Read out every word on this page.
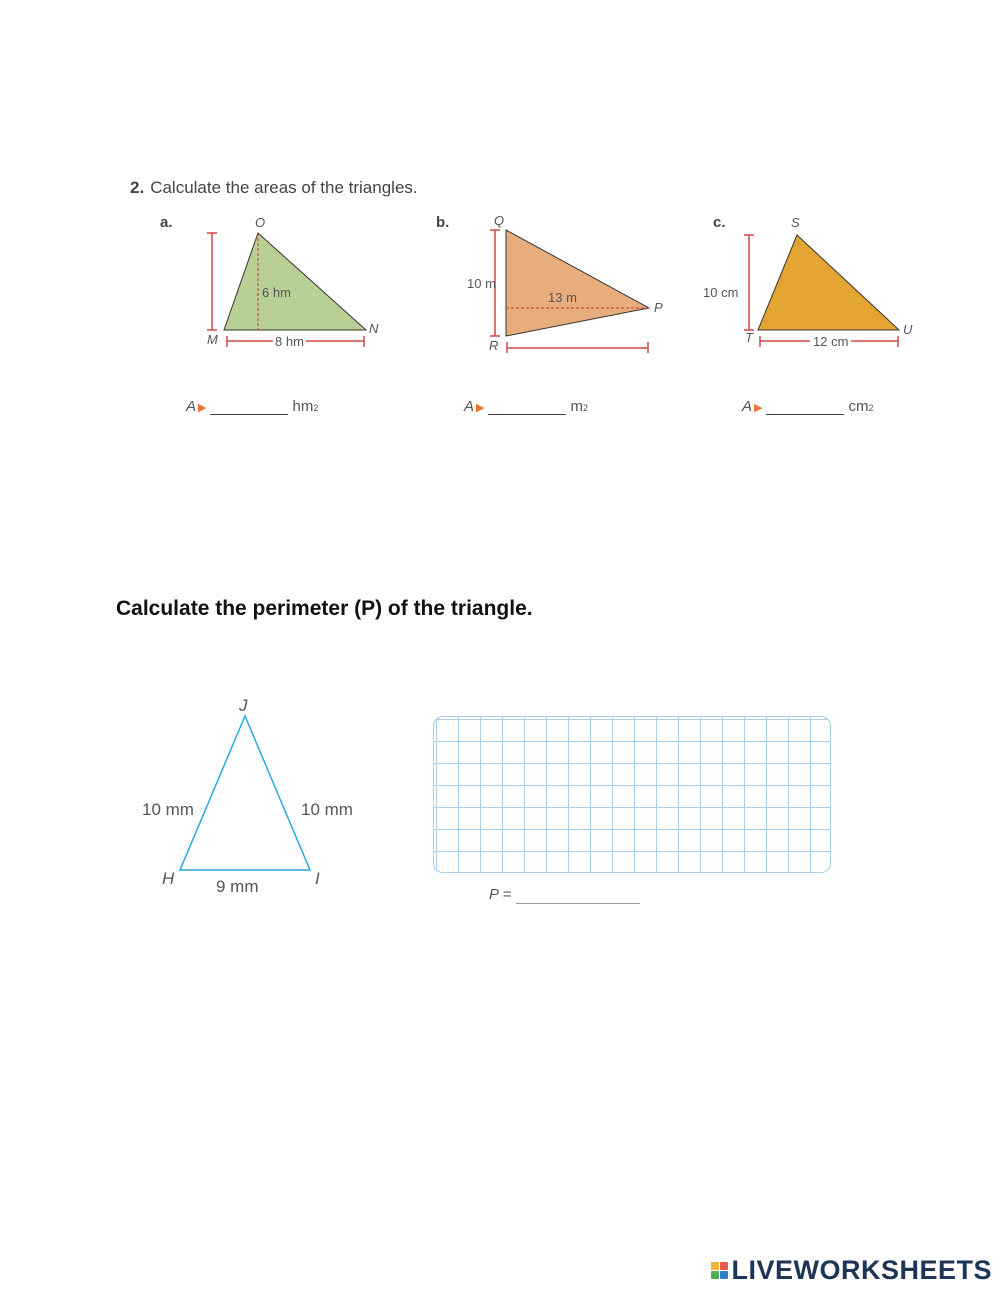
2. Calculate the areas of the triangles.
a.	b.	c.
O
M
N
6 hm
8 hm
Q
R
P
10 m
13 m
S
T
U
10 cm
12 cm
A ▶	hm 2	A ▶	m 2	A ▶	cm 2
Calculate the perimeter (P) of the triangle.
J
H	I
10 mm	10 mm
9 mm	P =
LIVEWORKSHEETS
